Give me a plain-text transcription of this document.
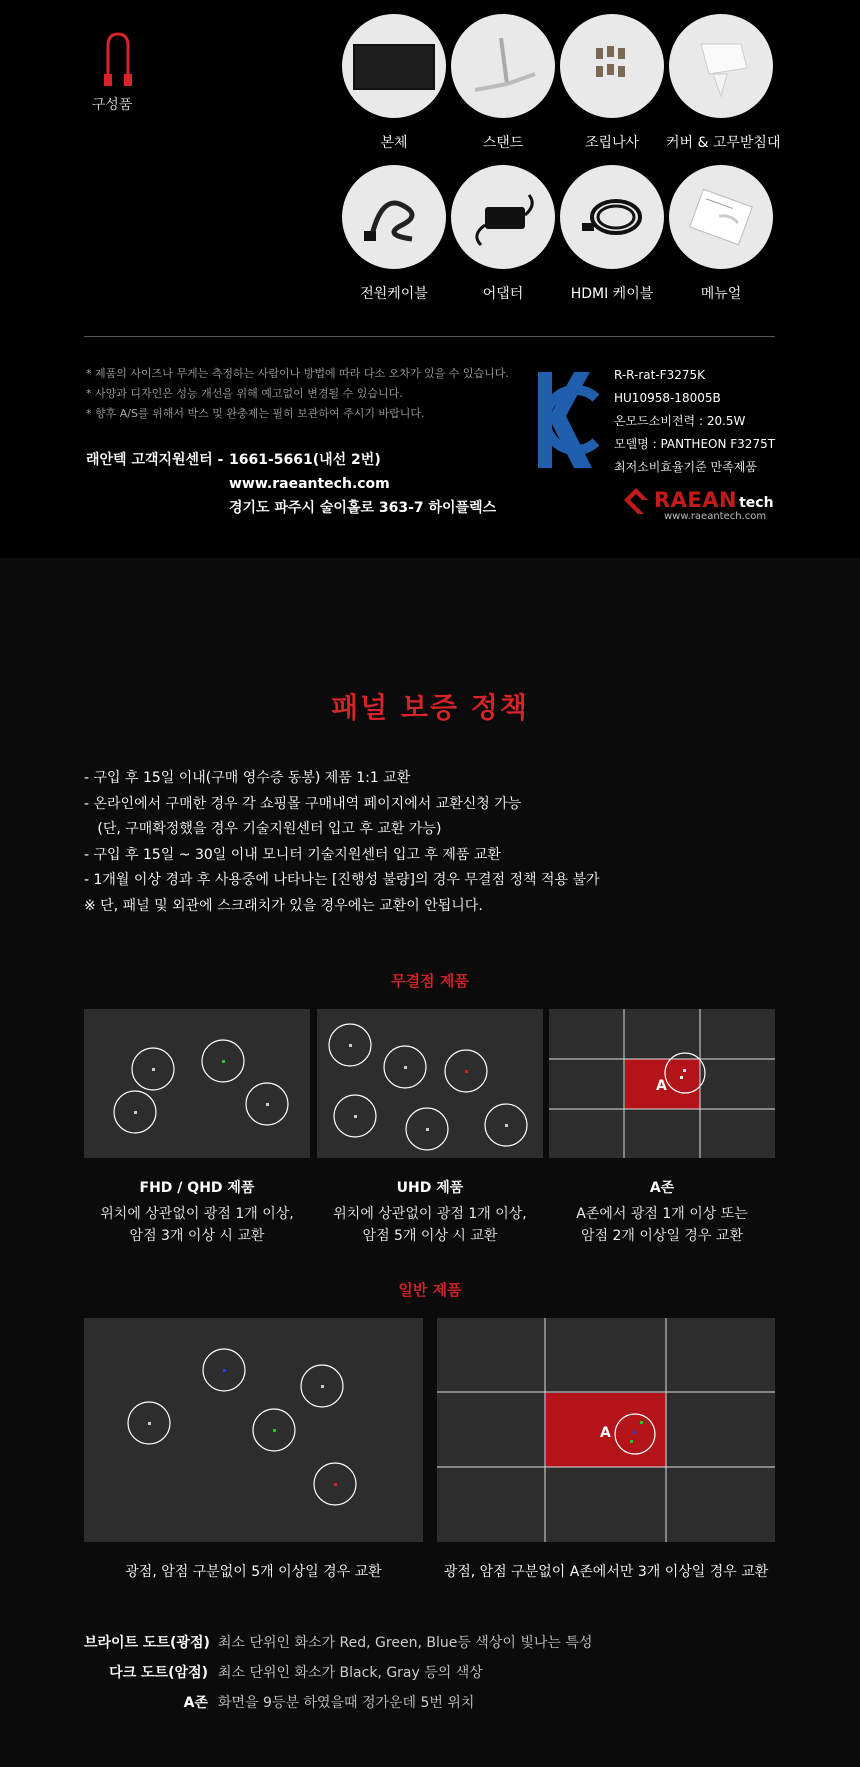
구성품
본체	스탠드	조립나사	커버 & 고무받침대
전원케이블	어댑터	HDMI 케이블	메뉴얼
* 제품의 사이즈나 무게는 측정하는 사람이나 방법에 따라 다소 오차가 있을 수 있습니다.
* 사양과 디자인은 성능 개선을 위해 예고없이 변경될 수 있습니다.
* 향후 A/S를 위해서 박스 및 완충제는 필히 보관하여 주시기 바랍니다.
래안텍 고객지원센터 - 1661-5661(내선 2번)
www.raeantech.com
경기도 파주시 술이홀로 363-7 하이플렉스
R-R-rat-F3275K
HU10958-18005B
온모드소비전력 : 20.5W
모델명 : PANTHEON F3275T
최저소비효율기준 만족제품
RAEAN tech
www.raeantech.com
패널 보증 정책
- 구입 후 15일 이내(구매 영수증 동봉) 제품 1:1 교환
- 온라인에서 구매한 경우 각 쇼핑몰 구매내역 페이지에서 교환신청 가능
(단, 구매확정했을 경우 기술지원센터 입고 후 교환 가능)
- 구입 후 15일 ~ 30일 이내 모니터 기술지원센터 입고 후 제품 교환
- 1개월 이상 경과 후 사용중에 나타나는 [진행성 불량]의 경우 무결점 정책 적용 불가
※ 단, 패널 및 외관에 스크래치가 있을 경우에는 교환이 안됩니다.
무결점 제품
A
FHD / QHD 제품
위치에 상관없이 광점 1개 이상,
암점 3개 이상 시 교환
UHD 제품
위치에 상관없이 광점 1개 이상,
암점 5개 이상 시 교환
A존
A존에서 광점 1개 이상 또는
암점 2개 이상일 경우 교환
일반 제품
A
광점, 암점 구분없이 5개 이상일 경우 교환	광점, 암점 구분없이 A존에서만 3개 이상일 경우 교환
브라이트 도트(광점) 최소 단위인 화소가 Red, Green, Blue등 색상이 빛나는 특성
다크 도트(암점) 최소 단위인 화소가 Black, Gray 등의 색상
A존 화면을 9등분 하였을때 정가운데 5번 위치
